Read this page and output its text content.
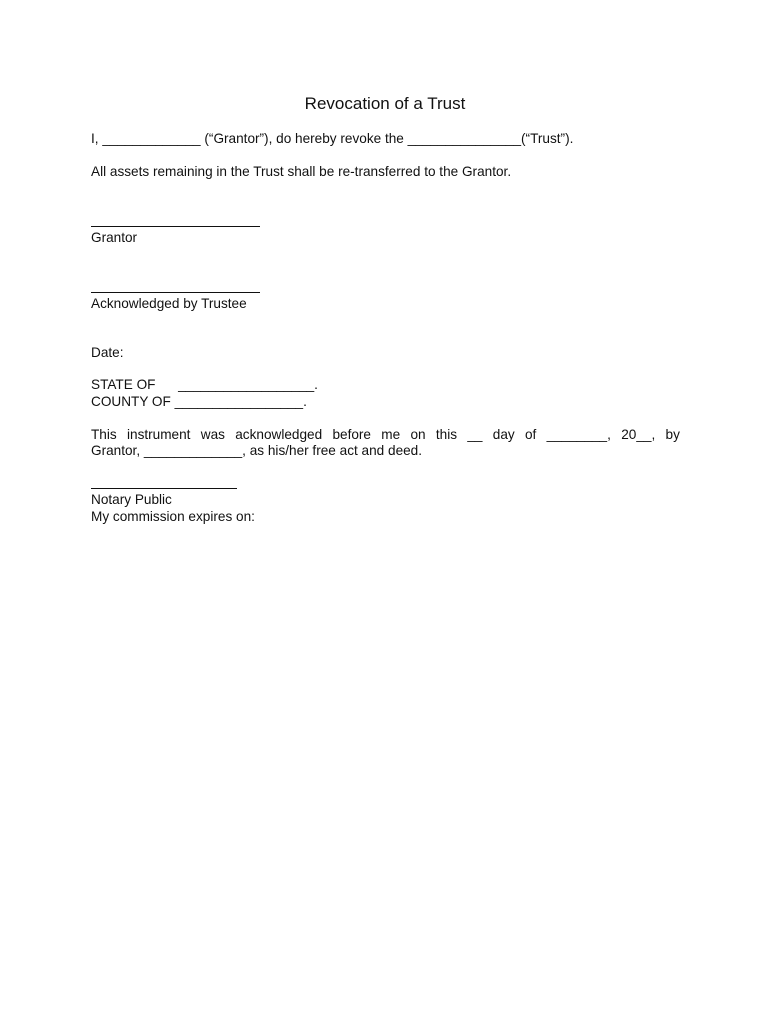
Revocation of a Trust
I, _____________ (“Grantor”), do hereby revoke the _______________(“Trust”).
All assets remaining in the Trust shall be re-transferred to the Grantor.
Grantor
Acknowledged by Trustee
Date:
STATE OF      __________________.
COUNTY OF _________________.
This instrument was acknowledged before me on this __ day of ________, 20__, by
Grantor, _____________, as his/her free act and deed.
Notary Public
My commission expires on:
